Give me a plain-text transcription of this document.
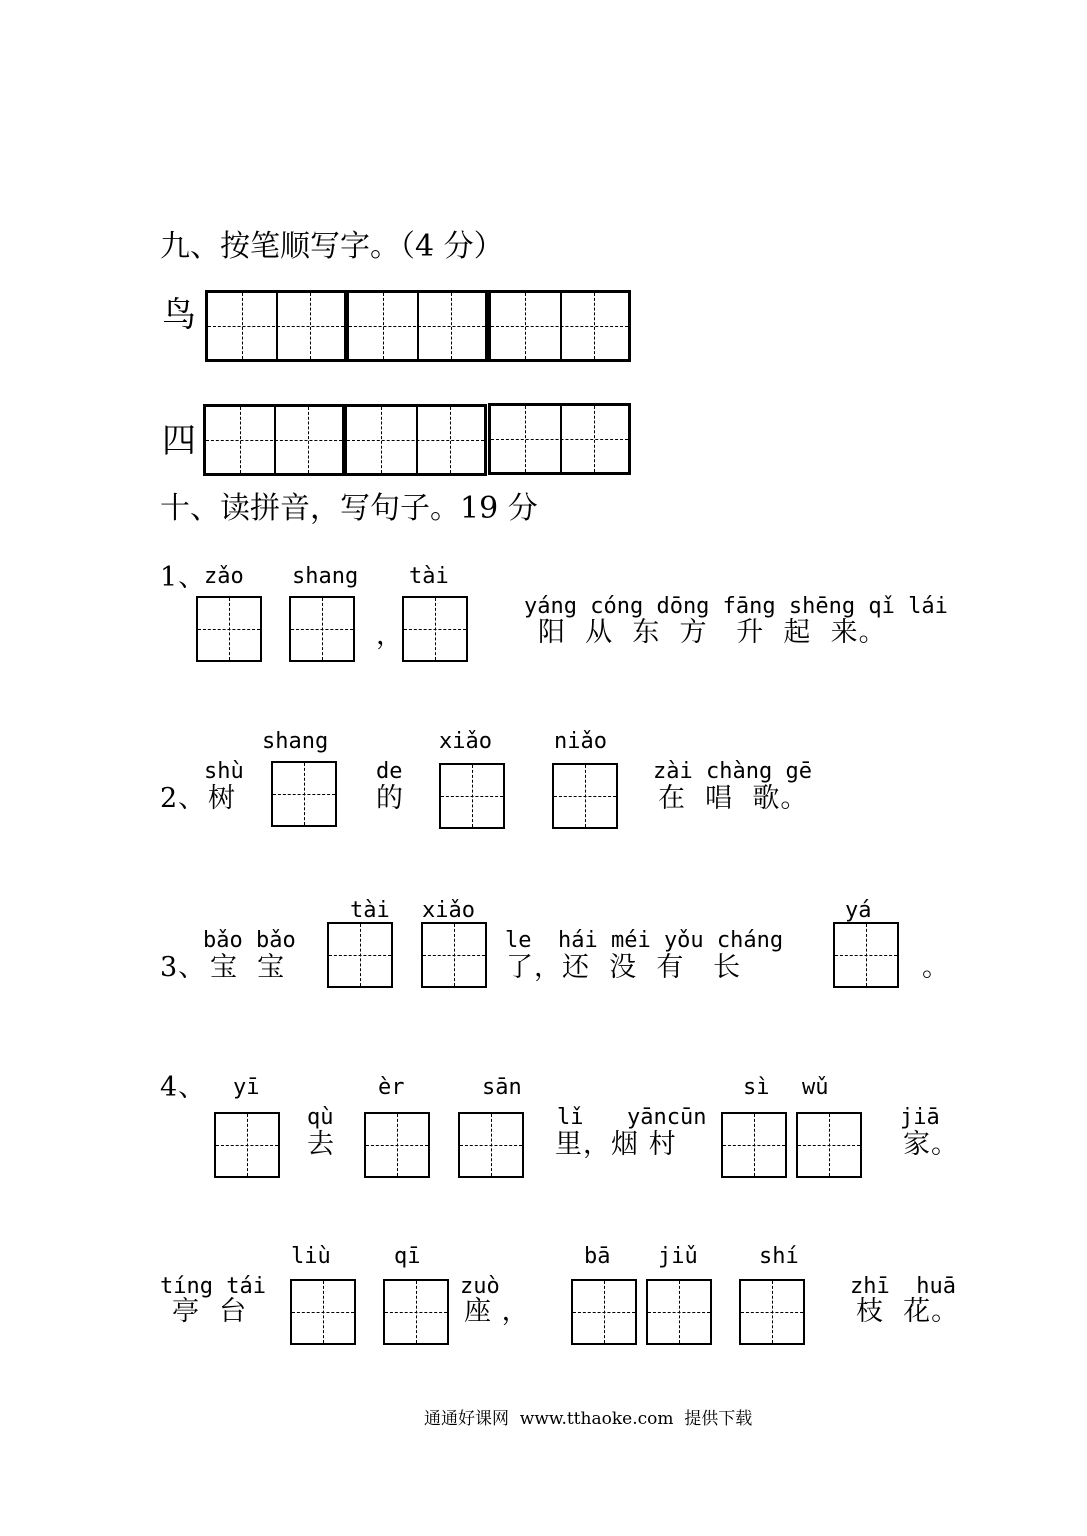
九、按笔顺写字。（4 分）
鸟
四
十、读拼音，写句子。19 分
1、
zǎo shang tài
，
yáng cóng dōng fāng shēng qǐ lái
阳  从  东  方   升  起  来。
shang	xiǎo	niǎo
shù	de	zài chàng gē
2、 树	的	在  唱  歌。
tài xiǎo	yá
bǎo bǎo	le  hái méi yǒu cháng
3、 宝  宝	了，还  没  有   长	。
4、 yī	èr	sān	sì wǔ
qù	lǐ yāncūn	jiā
去	里，烟 村	家。
liù	qī	bā jiǔ	shí
tíng tái	zuò	zhī  huā
亭  台	座 ，	枝  花。
通通好课网  www.tthaoke.com  提供下载
